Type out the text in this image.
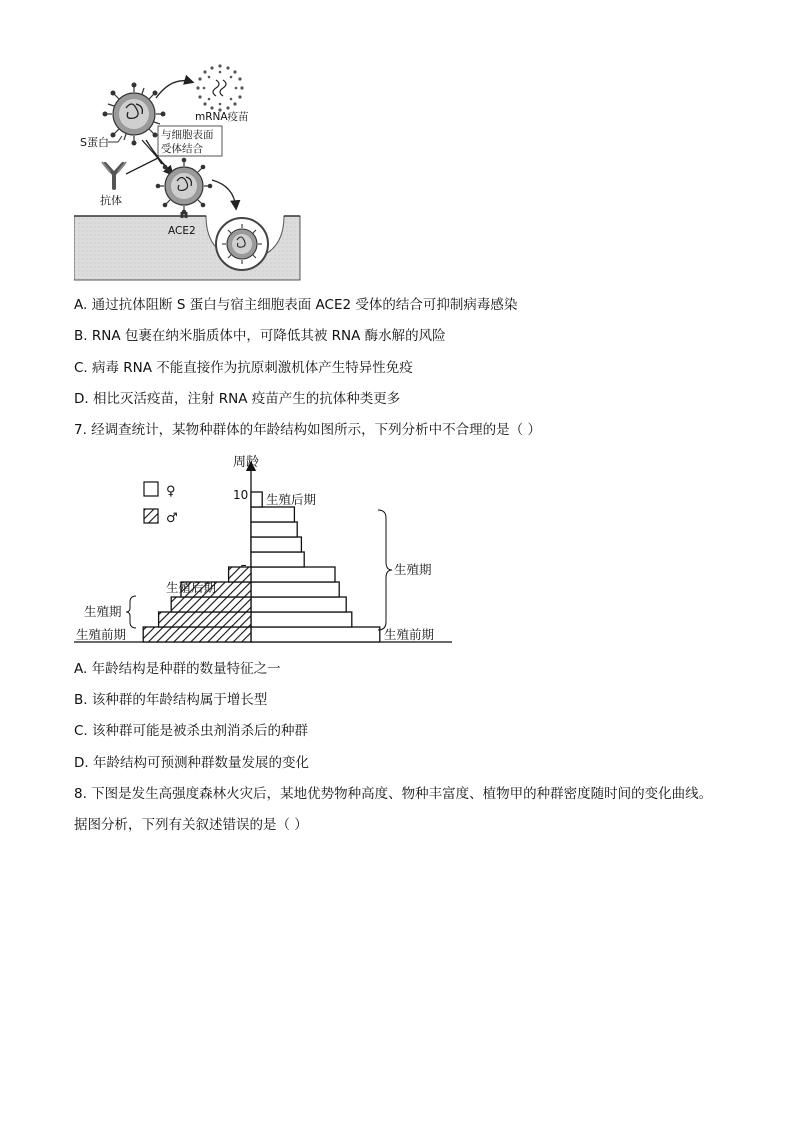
mRNA疫苗
S蛋白
与细胞表面
受体结合
抗体
ACE2
A. 通过抗体阻断 S 蛋白与宿主细胞表面 ACE2 受体的结合可抑制病毒感染
B. RNA 包裹在纳米脂质体中，可降低其被 RNA 酶水解的风险
C. 病毒 RNA 不能直接作为抗原刺激机体产生特异性免疫
D. 相比灭活疫苗，注射 RNA 疫苗产生的抗体种类更多
7. 经调查统计，某物种群体的年龄结构如图所示，下列分析中不合理的是（ ）
周龄
10
♀
♂
生殖后期
生殖期
生殖前期
生殖后期
生殖期
生殖前期
A. 年龄结构是种群的数量特征之一
B. 该种群的年龄结构属于增长型
C. 该种群可能是被杀虫剂消杀后的种群
D. 年龄结构可预测种群数量发展的变化
8. 下图是发生高强度森林火灾后，某地优势物种高度、物种丰富度、植物甲的种群密度随时间的变化曲线。
据图分析，下列有关叙述错误的是（ ）
